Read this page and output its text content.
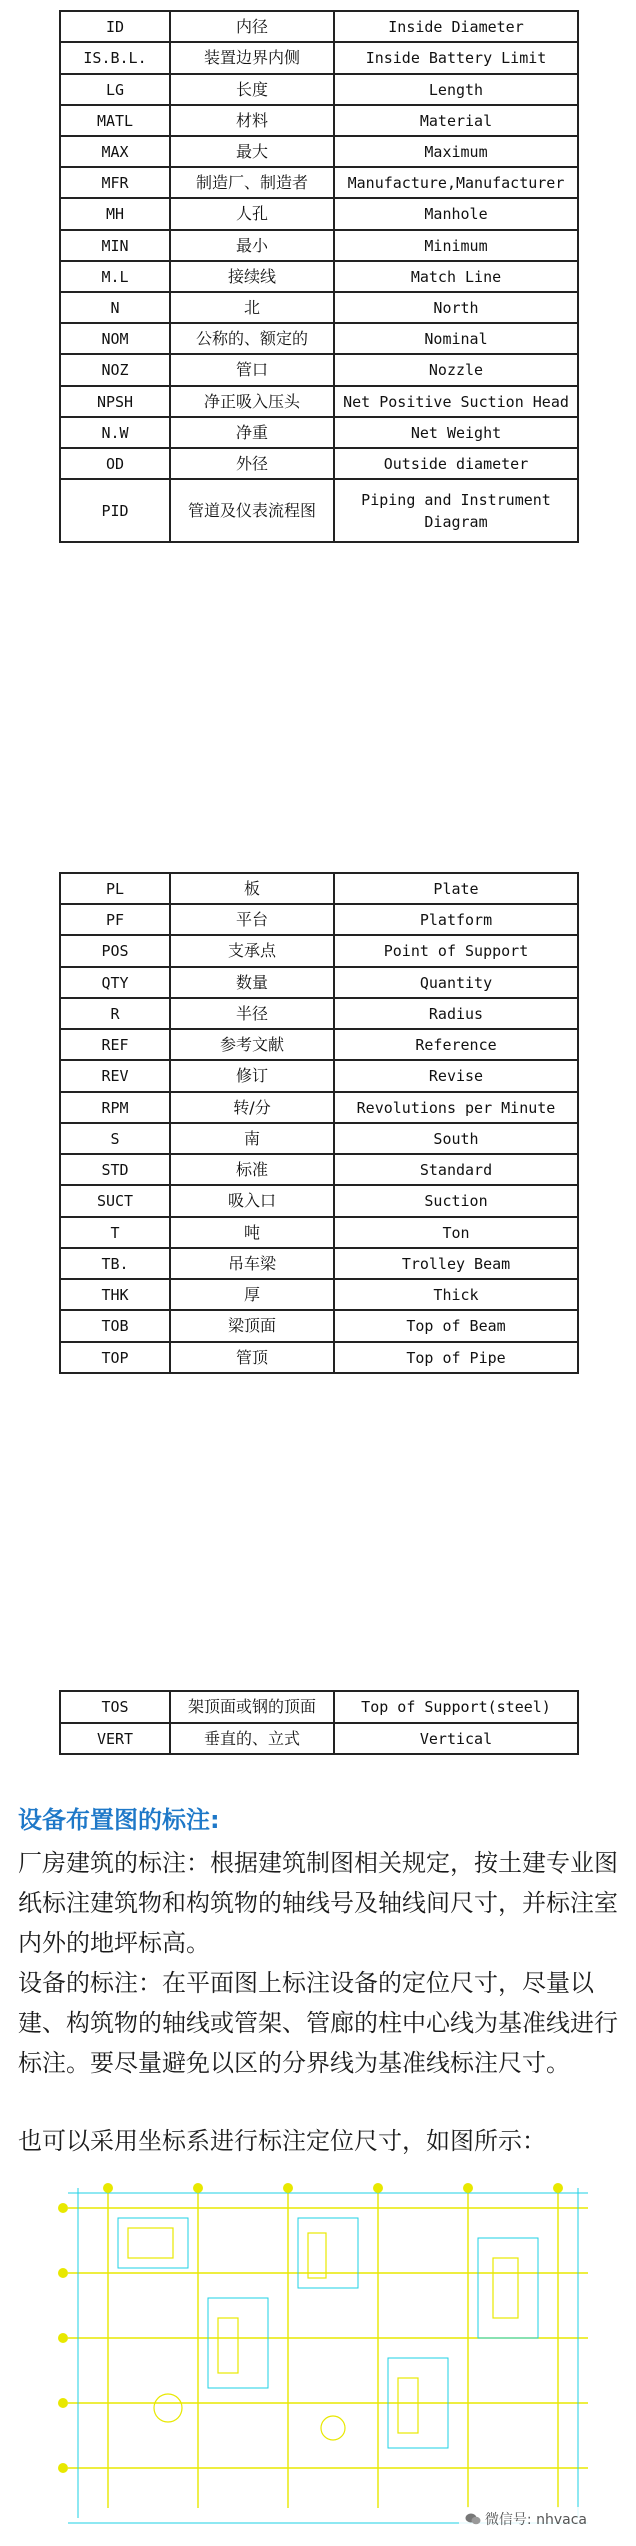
ID	内径	Inside Diameter
IS.B.L.	装置边界内侧	Inside Battery Limit
LG	长度	Length
MATL	材料	Material
MAX	最大	Maximum
MFR	制造厂、制造者	Manufacture,Manufacturer
MH	人孔	Manhole
MIN	最小	Minimum
M.L	接续线	Match Line
N	北	North
NOM	公称的、额定的	Nominal
NOZ	管口	Nozzle
NPSH	净正吸入压头	Net Positive Suction Head
N.W	净重	Net Weight
OD	外径	Outside diameter
PID	管道及仪表流程图	Piping and Instrument Diagram
PL	板	Plate
PF	平台	Platform
POS	支承点	Point of Support
QTY	数量	Quantity
R	半径	Radius
REF	参考文献	Reference
REV	修订	Revise
RPM	转/分	Revolutions per Minute
S	南	South
STD	标准	Standard
SUCT	吸入口	Suction
T	吨	Ton
TB.	吊车梁	Trolley Beam
THK	厚	Thick
TOB	梁顶面	Top of Beam
TOP	管顶	Top of Pipe
TOS	架顶面或钢的顶面	Top of Support(steel)
VERT	垂直的、立式	Vertical
设备布置图的标注:

厂房建筑的标注：根据建筑制图相关规定，按土建专业图纸标注建筑物和构筑物的轴线号及轴线间尺寸，并标注室内外的地坪标高。

设备的标注：在平面图上标注设备的定位尺寸，尽量以建、构筑物的轴线或管架、管廊的柱中心线为基准线进行标注。要尽量避免以区的分界线为基准线标注尺寸。

也可以采用坐标系进行标注定位尺寸，如图所示：

微信号: nhvaca
